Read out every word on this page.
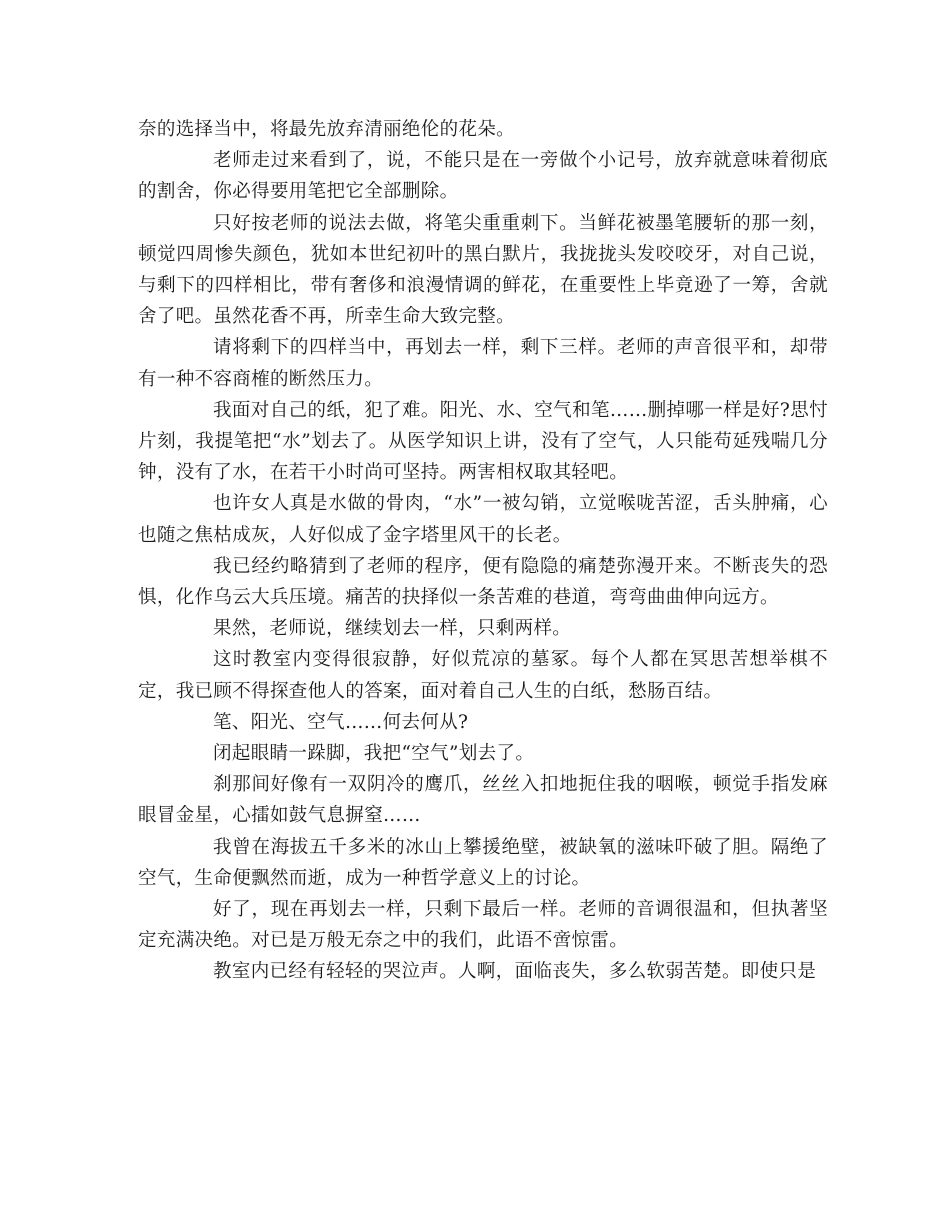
奈的选择当中，将最先放弃清丽绝伦的花朵。

老师走过来看到了，说，不能只是在一旁做个小记号，放弃就意味着彻底的割舍，你必得要用笔把它全部删除。

只好按老师的说法去做，将笔尖重重刺下。当鲜花被墨笔腰斩的那一刻，顿觉四周惨失颜色，犹如本世纪初叶的黑白默片，我拢拢头发咬咬牙，对自己说，与剩下的四样相比，带有奢侈和浪漫情调的鲜花，在重要性上毕竟逊了一筹，舍就舍了吧。虽然花香不再，所幸生命大致完整。

请将剩下的四样当中，再划去一样，剩下三样。老师的声音很平和，却带有一种不容商榷的断然压力。

我面对自己的纸，犯了难。阳光、水、空气和笔……删掉哪一样是好?思忖片刻，我提笔把“水”划去了。从医学知识上讲，没有了空气，人只能苟延残喘几分钟，没有了水，在若干小时尚可坚持。两害相权取其轻吧。

也许女人真是水做的骨肉，“水”一被勾销，立觉喉咙苦涩，舌头肿痛，心也随之焦枯成灰，人好似成了金字塔里风干的长老。

我已经约略猜到了老师的程序，便有隐隐的痛楚弥漫开来。不断丧失的恐惧，化作乌云大兵压境。痛苦的抉择似一条苦难的巷道，弯弯曲曲伸向远方。

果然，老师说，继续划去一样，只剩两样。

这时教室内变得很寂静，好似荒凉的墓冢。每个人都在冥思苦想举棋不定，我已顾不得探查他人的答案，面对着自己人生的白纸，愁肠百结。

笔、阳光、空气……何去何从?

闭起眼睛一跺脚，我把“空气”划去了。

刹那间好像有一双阴冷的鹰爪，丝丝入扣地扼住我的咽喉，顿觉手指发麻眼冒金星，心擂如鼓气息摒窒……

我曾在海拔五千多米的冰山上攀援绝壁，被缺氧的滋味吓破了胆。隔绝了空气，生命便飘然而逝，成为一种哲学意义上的讨论。

好了，现在再划去一样，只剩下最后一样。老师的音调很温和，但执著坚定充满决绝。对已是万般无奈之中的我们，此语不啻惊雷。

教室内已经有轻轻的哭泣声。人啊，面临丧失，多么软弱苦楚。即使只是
